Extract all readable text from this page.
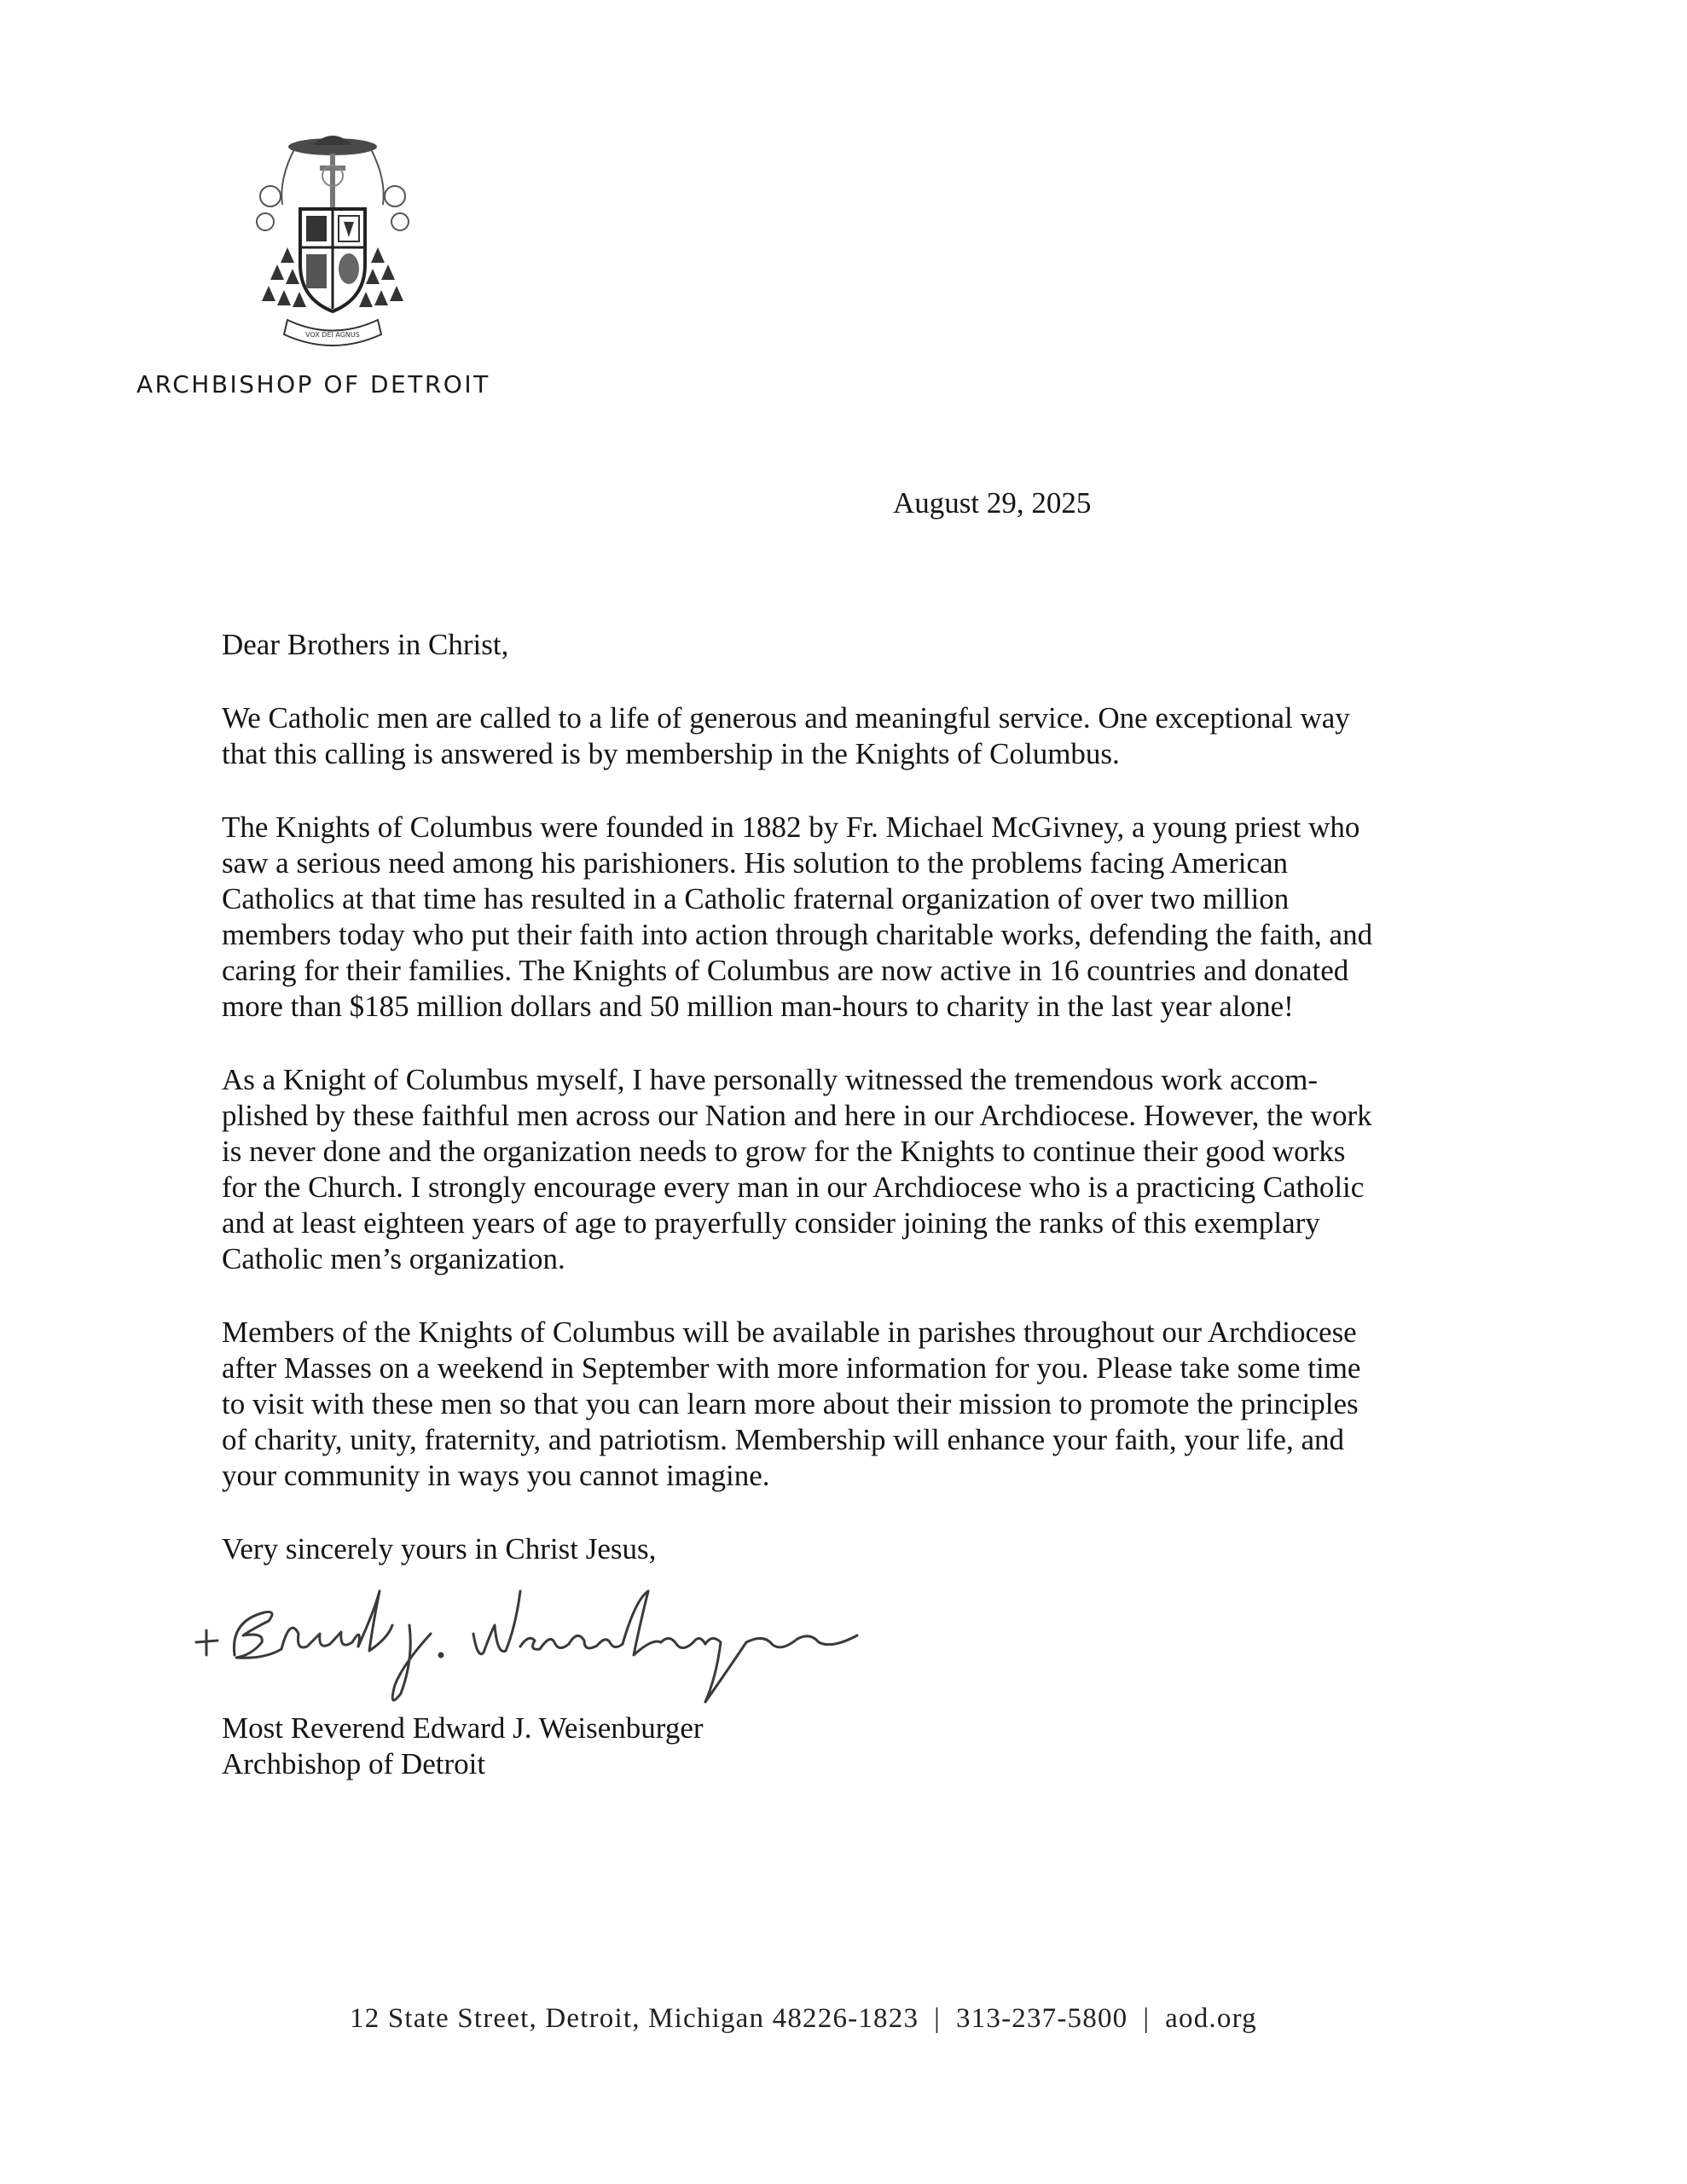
VOX DEI AGNUS
ARCHBISHOP OF DETROIT
August 29, 2025

Dear Brothers in Christ,

We Catholic men are called to a life of generous and meaningful service. One exceptional way
that this calling is answered is by membership in the Knights of Columbus.

The Knights of Columbus were founded in 1882 by Fr. Michael McGivney, a young priest who
saw a serious need among his parishioners. His solution to the problems facing American
Catholics at that time has resulted in a Catholic fraternal organization of over two million
members today who put their faith into action through charitable works, defending the faith, and
caring for their families. The Knights of Columbus are now active in 16 countries and donated
more than $185 million dollars and 50 million man-hours to charity in the last year alone!

As a Knight of Columbus myself, I have personally witnessed the tremendous work accom-
plished by these faithful men across our Nation and here in our Archdiocese. However, the work
is never done and the organization needs to grow for the Knights to continue their good works
for the Church. I strongly encourage every man in our Archdiocese who is a practicing Catholic
and at least eighteen years of age to prayerfully consider joining the ranks of this exemplary
Catholic men’s organization.

Members of the Knights of Columbus will be available in parishes throughout our Archdiocese
after Masses on a weekend in September with more information for you. Please take some time
to visit with these men so that you can learn more about their mission to promote the principles
of charity, unity, fraternity, and patriotism. Membership will enhance your faith, your life, and
your community in ways you cannot imagine.

Very sincerely yours in Christ Jesus,

Most Reverend Edward J. Weisenburger
Archbishop of Detroit
12 State Street, Detroit, Michigan 48226-1823 | 313-237-5800 | aod.org
